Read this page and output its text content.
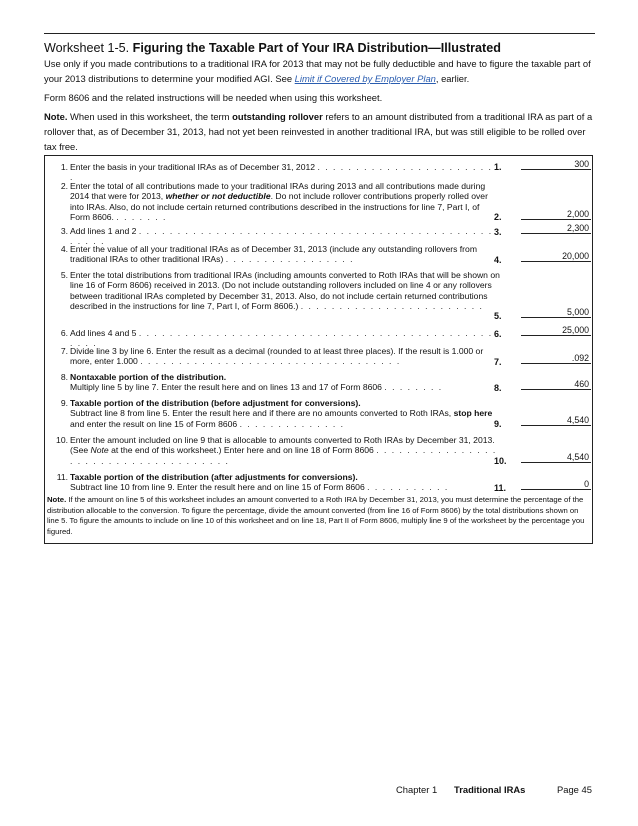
Worksheet 1-5. Figuring the Taxable Part of Your IRA Distribution—Illustrated

Use only if you made contributions to a traditional IRA for 2013 that may not be fully deductible and have to figure the taxable part of your 2013 distributions to determine your modified AGI. See Limit if Covered by Employer Plan, earlier.

Form 8606 and the related instructions will be needed when using this worksheet.

Note. When used in this worksheet, the term outstanding rollover refers to an amount distributed from a traditional IRA as part of a rollover that, as of December 31, 2013, had not yet been reinvested in another traditional IRA, but was still eligible to be rolled over tax free.

1. Enter the basis in your traditional IRAs as of December 31, 2012 . . . . . . . . . . . . . . . . . . . . . . . .
1.	300
2. Enter the total of all contributions made to your traditional IRAs during 2013 and all contributions made during 2014 that were for 2013, whether or not deductible. Do not include rollover contributions properly rolled over into IRAs. Also, do not include certain returned contributions described in the instructions for line 7, Part I, of Form 8606. . . . . . . .	2.	2,000
3. Add lines 1 and 2 . . . . . . . . . . . . . . . . . . . . . . . . . . . . . . . . . . . . . . . . . . . . . . . . . . .
3.	2,300
4. Enter the value of all your traditional IRAs as of December 31, 2013 (include any outstanding rollovers from traditional IRAs to other traditional IRAs) . . . . . . . . . . . . . . . . .	4.	20,000
5. Enter the total distributions from traditional IRAs (including amounts converted to Roth IRAs that will be shown on line 16 of Form 8606) received in 2013. (Do not include outstanding rollovers included on line 4 or any rollovers between traditional IRAs completed by December 31, 2013. Also, do not include certain returned contributions described in the instructions for line 7, Part I, of Form 8606.) . . . . . . . . . . . . . . . . . . . . . . . .
5.	5,000
6. Add lines 4 and 5 . . . . . . . . . . . . . . . . . . . . . . . . . . . . . . . . . . . . . . . . . . . . . . . . . .
6.	25,000
7. Divide line 3 by line 6. Enter the result as a decimal (rounded to at least three places). If the result is 1.000 or more, enter 1.000 . . . . . . . . . . . . . . . . . . . . . . . . . . . . . . . . . .	7.	.092
8. Nontaxable portion of the distribution.
Multiply line 5 by line 7. Enter the result here and on lines 13 and 17 of Form 8606 . . . . . . . .	8.	460
9. Taxable portion of the distribution (before adjustment for conversions).
Subtract line 8 from line 5. Enter the result here and if there are no amounts converted to Roth IRAs, stop here and enter the result on line 15 of Form 8606 . . . . . . . . . . . . . .	9.	4,540
10. Enter the amount included on line 9 that is allocable to amounts converted to Roth IRAs by December 31, 2013. (See Note at the end of this worksheet.) Enter here and on line 18 of Form 8606 . . . . . . . . . . . . . . . . . . . . . . . . . . . . . . . . . . . . .	10.	4,540
11. Taxable portion of the distribution (after adjustments for conversions).
Subtract line 10 from line 9. Enter the result here and on line 15 of Form 8606 . . . . . . . . . . .	11.	0
Note. If the amount on line 5 of this worksheet includes an amount converted to a Roth IRA by December 31, 2013, you must determine the percentage of the distribution allocable to the conversion. To figure the percentage, divide the amount converted (from line 16 of Form 8606) by the total distributions shown on line 5. To figure the amounts to include on line 10 of this worksheet and on line 18, Part II of Form 8606, multiply line 9 of the worksheet by the percentage you figured.
Chapter 1 Traditional IRAs	Page 45
